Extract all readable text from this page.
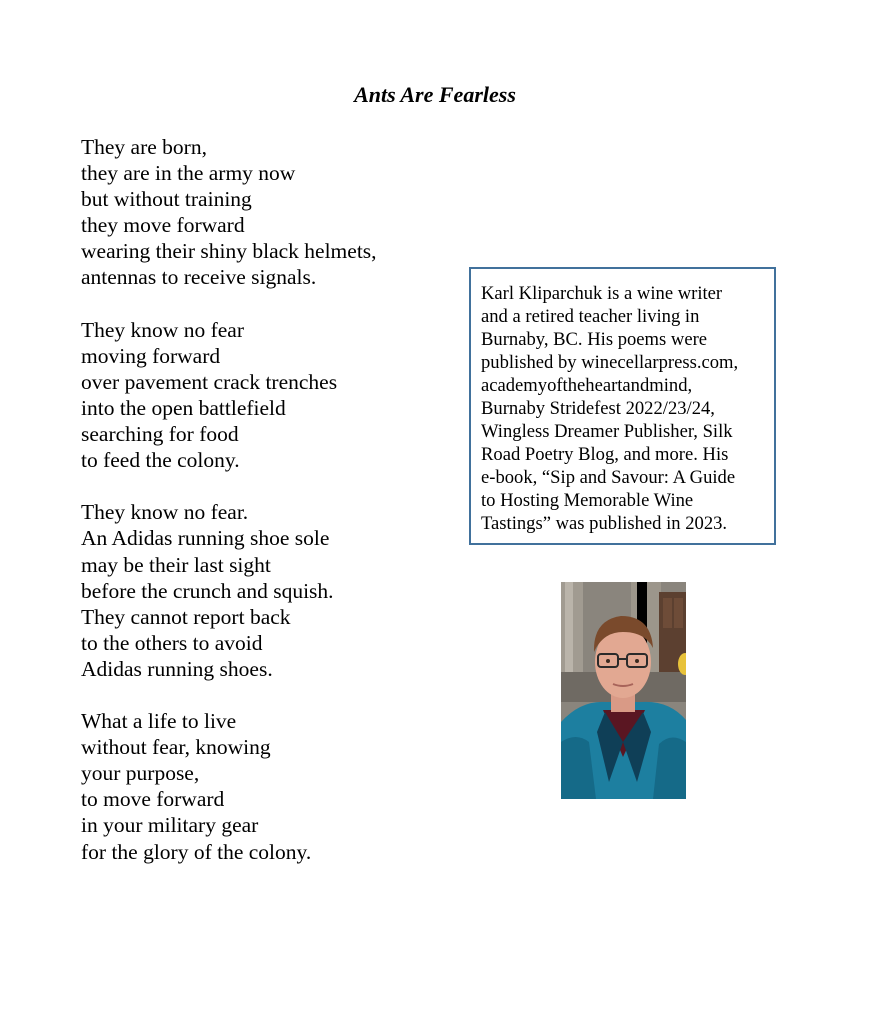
Ants Are Fearless

They are born,
they are in the army now
but without training
they move forward
wearing their shiny black helmets,
antennas to receive signals.

They know no fear
moving forward
over pavement crack trenches
into the open battlefield
searching for food
to feed the colony.

They know no fear.
An Adidas running shoe sole
may be their last sight
before the crunch and squish.
They cannot report back
to the others to avoid
Adidas running shoes.

What a life to live
without fear, knowing
your purpose,
to move forward
in your military gear
for the glory of the colony.

Karl Kliparchuk is a wine writer
and a retired teacher living in
Burnaby, BC. His poems were
published by winecellarpress.com,
academyoftheheartandmind,
Burnaby Stridefest 2022/23/24,
Wingless Dreamer Publisher, Silk
Road Poetry Blog, and more. His
e-book, “Sip and Savour: A Guide
to Hosting Memorable Wine
Tastings” was published in 2023.
